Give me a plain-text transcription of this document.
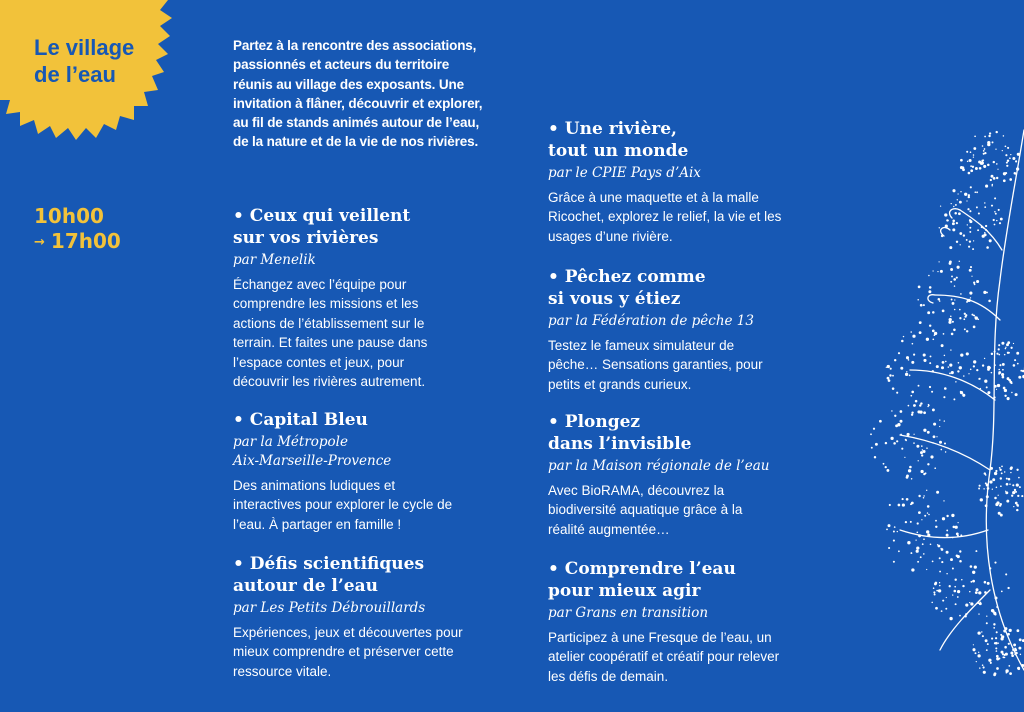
Le village
de l’eau
10h00
→ 17h00
Partez à la rencontre des associations, passionnés et acteurs du territoire réunis au village des exposants. Une invitation à flâner, découvrir et explorer, au fil de stands animés autour de l’eau, de la nature et de la vie de nos rivières.
• Ceux qui veillent
sur vos rivières
par Menelik
Échangez avec l’équipe pour comprendre les missions et les actions de l’établissement sur le terrain. Et faites une pause dans l’espace contes et jeux, pour découvrir les rivières autrement.
• Capital Bleu
par la Métropole
Aix-Marseille-Provence
Des animations ludiques et interactives pour explorer le cycle de l’eau. À partager en famille !
• Défis scientifiques
autour de l’eau
par Les Petits Débrouillards
Expériences, jeux et découvertes pour mieux comprendre et préserver cette ressource vitale.
• Une rivière,
tout un monde
par le CPIE Pays d’Aix
Grâce à une maquette et à la malle Ricochet, explorez le relief, la vie et les usages d’une rivière.
• Pêchez comme
si vous y étiez
par la Fédération de pêche 13
Testez le fameux simulateur de pêche… Sensations garanties, pour petits et grands curieux.
• Plongez
dans l’invisible
par la Maison régionale de l’eau
Avec BioRAMA, découvrez la biodiversité aquatique grâce à la réalité augmentée…
• Comprendre l’eau
pour mieux agir
par Grans en transition
Participez à une Fresque de l’eau, un atelier coopératif et créatif pour relever les défis de demain.
